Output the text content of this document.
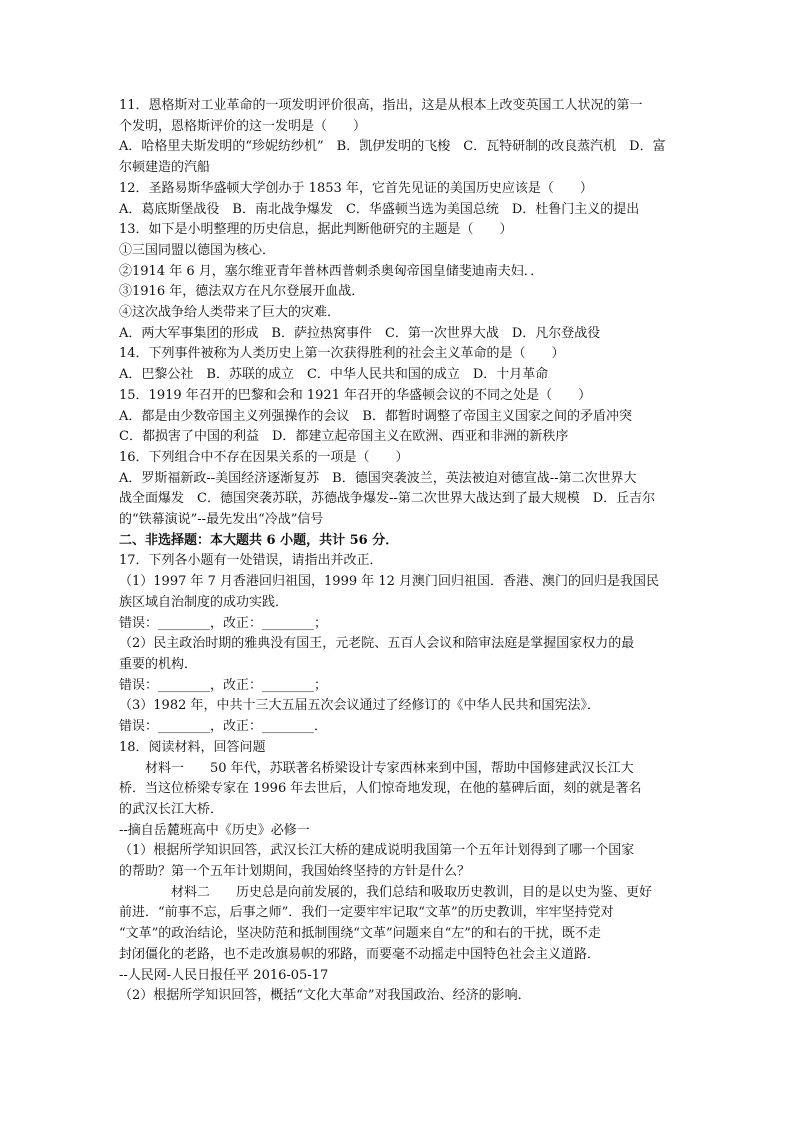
11．恩格斯对工业革命的一项发明评价很高，指出，这是从根本上改变英国工人状况的第一
个发明，恩格斯评价的这一发明是（　　）
A．哈格里夫斯发明的“珍妮纺纱机”　B．凯伊发明的飞梭　C．瓦特研制的改良蒸汽机　D．富
尔顿建造的汽船
12．圣路易斯华盛顿大学创办于 1853 年，它首先见证的美国历史应该是（　　）
A．葛底斯堡战役　B．南北战争爆发　C．华盛顿当选为美国总统　D．杜鲁门主义的提出
13．如下是小明整理的历史信息，据此判断他研究的主题是（　　）
①三国同盟以德国为核心．
②1914 年 6 月，塞尔维亚青年普林西普刺杀奥匈帝国皇储斐迪南夫妇．．
③1916 年，德法双方在凡尔登展开血战．
④这次战争给人类带来了巨大的灾难．
A．两大军事集团的形成　B．萨拉热窝事件　C．第一次世界大战　D．凡尔登战役
14．下列事件被称为人类历史上第一次获得胜利的社会主义革命的是（　　）
A．巴黎公社　B．苏联的成立　C．中华人民共和国的成立　D．十月革命
15．1919 年召开的巴黎和会和 1921 年召开的华盛顿会议的不同之处是（　　）
A．都是由少数帝国主义列强操作的会议　B．都暂时调整了帝国主义国家之间的矛盾冲突
C．都损害了中国的利益　D．都建立起帝国主义在欧洲、西亚和非洲的新秩序
16．下列组合中不存在因果关系的一项是（　　）
A．罗斯福新政--美国经济逐渐复苏　B．德国突袭波兰，英法被迫对德宣战--第二次世界大
战全面爆发　C．德国突袭苏联，苏德战争爆发--第二次世界大战达到了最大规模　D．丘吉尔
的“铁幕演说”--最先发出“冷战”信号
二、非选择题：本大题共 6 小题，共计 56 分．
17．下列各小题有一处错误，请指出并改正．
（1）1997 年 7 月香港回归祖国，1999 年 12 月澳门回归祖国．香港、澳门的回归是我国民
族区域自治制度的成功实践．
错误：________，改正：________；
（2）民主政治时期的雅典没有国王，元老院、五百人会议和陪审法庭是掌握国家权力的最
重要的机构．
错误：________，改正：________；
（3）1982 年，中共十三大五届五次会议通过了经修订的《中华人民共和国宪法》．
错误：________，改正：________．
18．阅读材料，回答问题
材料一　　50 年代，苏联著名桥梁设计专家西林来到中国，帮助中国修建武汉长江大
桥．当这位桥梁专家在 1996 年去世后，人们惊奇地发现，在他的墓碑后面，刻的就是著名
的武汉长江大桥．
--摘自岳麓班高中《历史》必修一
（1）根据所学知识回答，武汉长江大桥的建成说明我国第一个五年计划得到了哪一个国家
的帮助？第一个五年计划期间，我国始终坚持的方针是什么？
材料二　　历史总是向前发展的，我们总结和吸取历史教训，目的是以史为鉴、更好
前进．“前事不忘，后事之师”．我们一定要牢牢记取“文革”的历史教训，牢牢坚持党对
“文革”的政治结论，坚决防范和抵制围绕“文革”问题来自“左”的和右的干扰，既不走
封闭僵化的老路，也不走改旗易帜的邪路，而要毫不动摇走中国特色社会主义道路．
--人民网-人民日报任平 2016-05-17
（2）根据所学知识回答，概括“文化大革命”对我国政治、经济的影响．
